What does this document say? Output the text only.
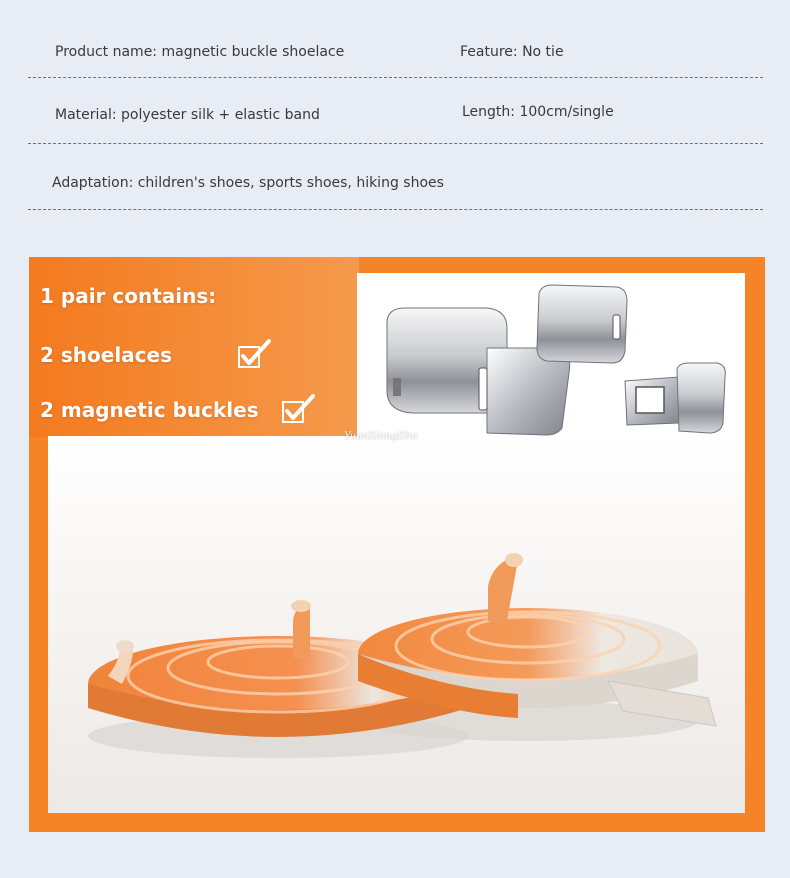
Product name: magnetic buckle shoelace	Feature: No tie
Material: polyester silk + elastic band	Length: 100cm/single
Adaptation: children's shoes, sports shoes, hiking shoes
1 pair contains:
2 shoelaces
2 magnetic buckles
YuanXiongZhu
